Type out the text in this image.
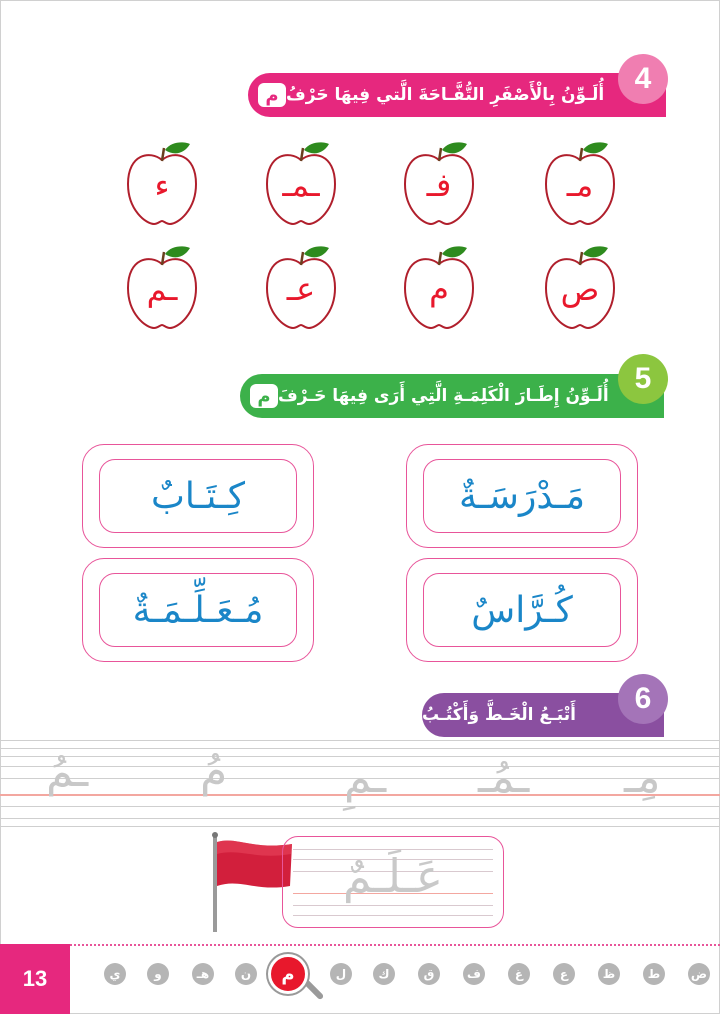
أُلَـوِّنُ بِالْأَصْفَرِ التُّفَّـاحَةَ الَّتي فِيهَا حَرْفُ
م	4
مـ
فـ
ـمـ
ء
ص
م
عـ
ـم
أُلَـوِّنُ إِطَـارَ الْكَلِمَـةِ الَّتِي أَرَى فِيهَا حَـرْفَ
م
5
مَـدْرَسَـةٌ
كِـتَـابٌ
كُـرَّاسٌ
مُـعَـلِّـمَـةٌ
أَتْبَـعُ الْخَـطَّ وَأَكْتُـبُ	6
مِـ
ـمُـ
ـمِ
مُ
ـمُ
عَـلَـمٌ
13	ض
ط
ظ
ع
غ
ف
ق
ك
ل
م
ن
هـ
و
ي
